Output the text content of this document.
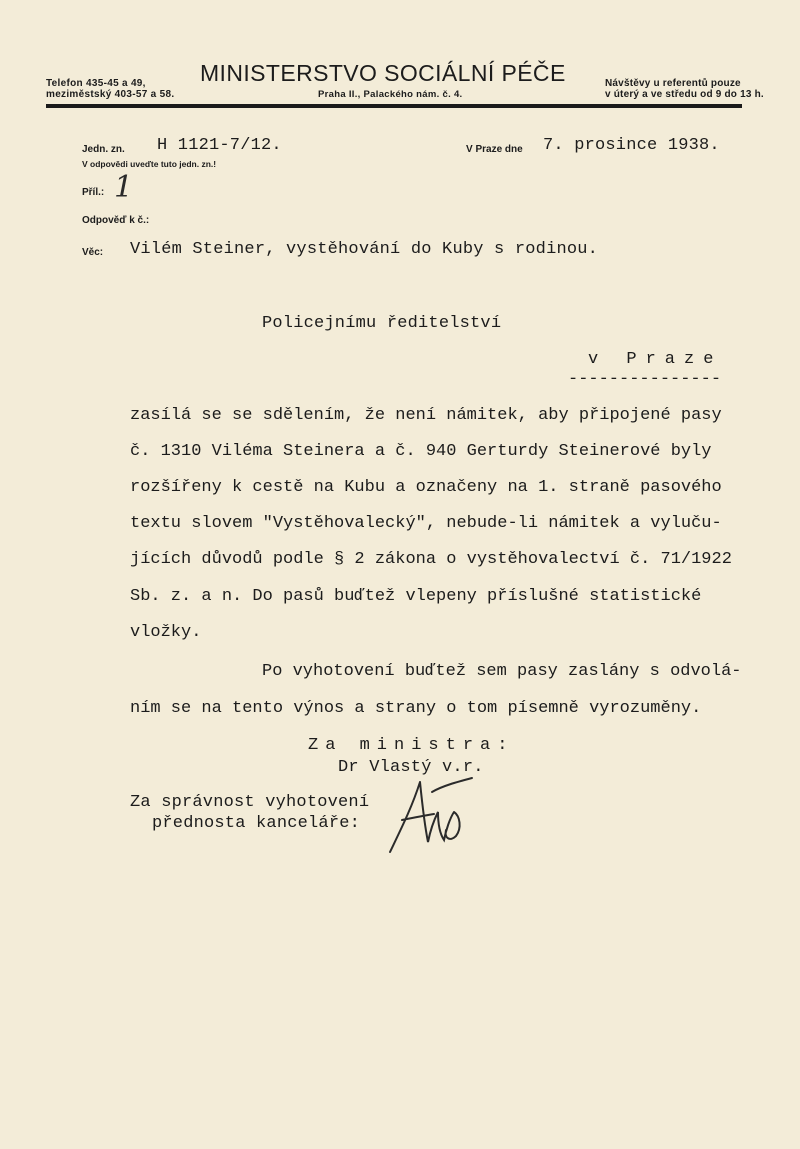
Telefon 435-45 a 49,
meziměstský 403-57 a 58.
MINISTERSTVO SOCIÁLNÍ PÉČE
Praha II., Palackého nám. č. 4.
Návštěvy u referentů pouze
v úterý a ve středu od 9 do 13 h.
Jedn. zn. H 1121-7/12.
V odpovědi uveďte tuto jedn. zn.!
V Praze dne 7. prosince 1938.
Příl.: 1
Odpověď k č.:
Věc: Vilém Steiner, vystěhování do Kuby s rodinou.
Policejnímu ředitelství
v Praze
---------------
zasílá se se sdělením, že není námitek, aby připojené pasy
č. 1310 Viléma Steinera a č. 940 Gerturdy Steinerové byly
rozšířeny k cestě na Kubu a označeny na 1. straně pasového
textu slovem "Vystěhovalecký", nebude-li námitek a vyluču-
jících důvodů podle § 2 zákona o vystěhovalectví č. 71/1922
Sb. z. a n. Do pasů buďtež vlepeny příslušné statistické
vložky.
Po vyhotovení buďtež sem pasy zaslány s odvolá-
ním se na tento výnos a strany o tom písemně vyrozuměny.
Za ministra:
Dr Vlastý v.r.
Za správnost vyhotovení
přednosta kanceláře:
